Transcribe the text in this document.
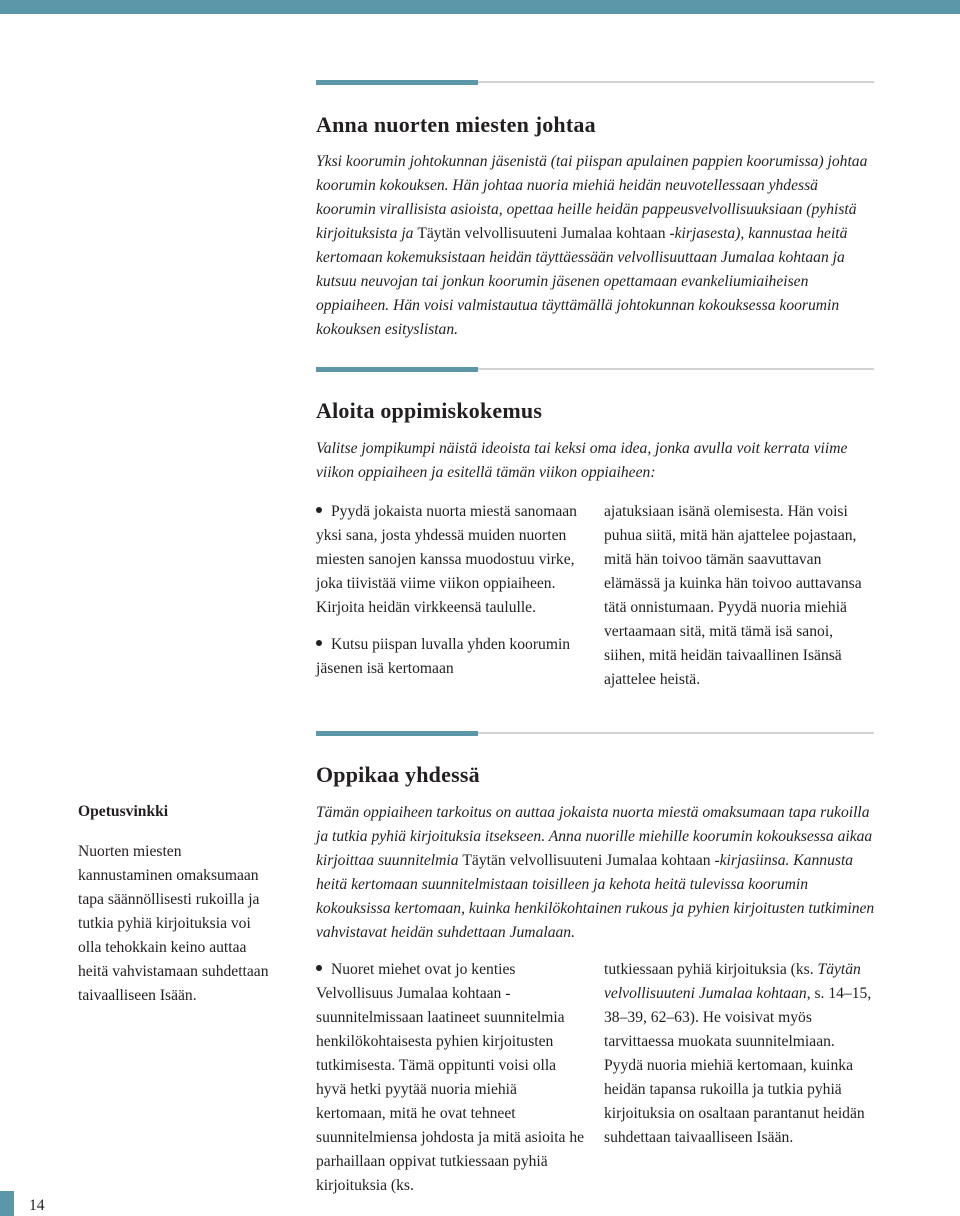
Anna nuorten miesten johtaa

Yksi koorumin johtokunnan jäsenistä (tai piispan apulainen pappien koorumissa) johtaa koorumin kokouksen. Hän johtaa nuoria miehiä heidän neuvotellessaan yhdessä koorumin virallisista asioista, opettaa heille heidän pappeusvelvollisuuksiaan (pyhistä kirjoituksista ja Täytän velvollisuuteni Jumalaa kohtaan -kirjasesta), kannustaa heitä kertomaan kokemuksistaan heidän täyttäessään velvollisuuttaan Jumalaa kohtaan ja kutsuu neuvojan tai jonkun koorumin jäsenen opettamaan evankeliumiaiheisen oppiaiheen. Hän voisi valmistautua täyttämällä johtokunnan kokouksessa koorumin kokouksen esityslistan.

Aloita oppimiskokemus

Valitse jompikumpi näistä ideoista tai keksi oma idea, jonka avulla voit kerrata viime viikon oppiaiheen ja esitellä tämän viikon oppiaiheen:

Pyydä jokaista nuorta miestä sanomaan yksi sana, josta yhdessä muiden nuorten miesten sanojen kanssa muodostuu virke, joka tiivistää viime viikon oppiaiheen. Kirjoita heidän virkkeensä taululle.
Kutsu piispan luvalla yhden koorumin jäsenen isä kertomaan
ajatuksiaan isänä olemisesta. Hän voisi puhua siitä, mitä hän ajattelee pojastaan, mitä hän toivoo tämän saavuttavan elämässä ja kuinka hän toivoo auttavansa tätä onnistumaan. Pyydä nuoria miehiä vertaamaan sitä, mitä tämä isä sanoi, siihen, mitä heidän taivaallinen Isänsä ajattelee heistä.
Oppikaa yhdessä

Opetusvinkki

Nuorten miesten kannustaminen omaksumaan tapa säännöllisesti rukoilla ja tutkia pyhiä kirjoituksia voi olla tehokkain keino auttaa heitä vahvistamaan suhdettaan taivaalliseen Isään.

Tämän oppiaiheen tarkoitus on auttaa jokaista nuorta miestä omaksumaan tapa rukoilla ja tutkia pyhiä kirjoituksia itsekseen. Anna nuorille miehille koorumin kokouksessa aikaa kirjoittaa suunnitelmia Täytän velvollisuuteni Jumalaa kohtaan -kirjasiinsa. Kannusta heitä kertomaan suunnitelmistaan toisilleen ja kehota heitä tulevissa koorumin kokouksissa kertomaan, kuinka henkilökohtainen rukous ja pyhien kirjoitusten tutkiminen vahvistavat heidän suhdettaan Jumalaan.

Nuoret miehet ovat jo kenties Velvollisuus Jumalaa kohtaan -suunnitelmissaan laatineet suunnitelmia henkilökohtaisesta pyhien kirjoitusten tutkimisesta. Tämä oppitunti voisi olla hyvä hetki pyytää nuoria miehiä kertomaan, mitä he ovat tehneet suunnitelmiensa johdosta ja mitä asioita he parhaillaan oppivat tutkiessaan pyhiä kirjoituksia (ks.
tutkiessaan pyhiä kirjoituksia (ks. Täytän velvollisuuteni Jumalaa kohtaan, s. 14–15, 38–39, 62–63). He voisivat myös tarvittaessa muokata suunnitelmiaan. Pyydä nuoria miehiä kertomaan, kuinka heidän tapansa rukoilla ja tutkia pyhiä kirjoituksia on osaltaan parantanut heidän suhdettaan taivaalliseen Isään.
14
